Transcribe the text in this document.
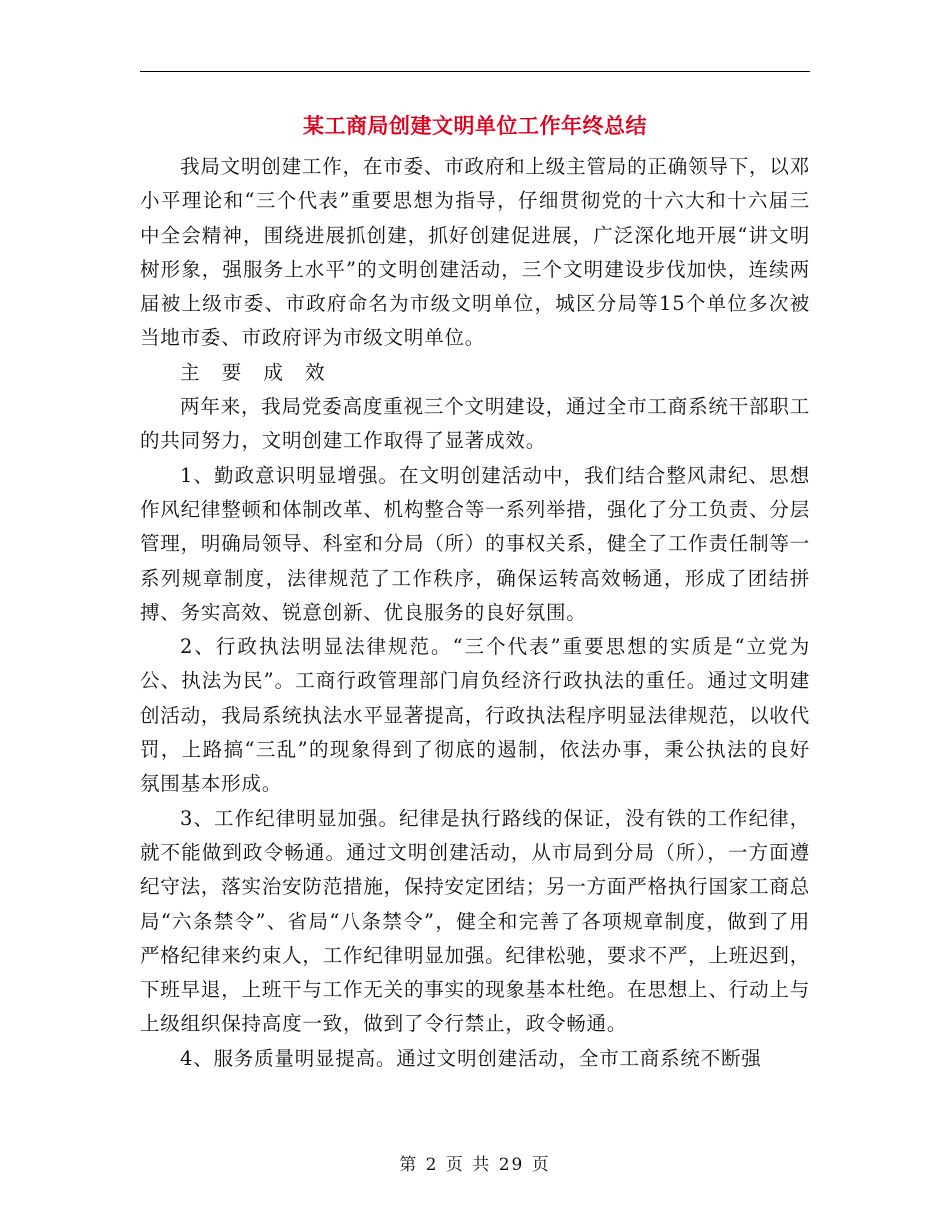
某工商局创建文明单位工作年终总结

我局文明创建工作，在市委、市政府和上级主管局的正确领导下，以邓小平理论和“三个代表”重要思想为指导，仔细贯彻党的十六大和十六届三中全会精神，围绕进展抓创建，抓好创建促进展，广泛深化地开展“讲文明树形象，强服务上水平”的文明创建活动，三个文明建设步伐加快，连续两届被上级市委、市政府命名为市级文明单位，城区分局等15个单位多次被当地市委、市政府评为市级文明单位。

主 要 成 效

两年来，我局党委高度重视三个文明建设，通过全市工商系统干部职工的共同努力，文明创建工作取得了显著成效。

1、勤政意识明显增强。在文明创建活动中，我们结合整风肃纪、思想作风纪律整顿和体制改革、机构整合等一系列举措，强化了分工负责、分层管理，明确局领导、科室和分局（所）的事权关系，健全了工作责任制等一系列规章制度，法律规范了工作秩序，确保运转高效畅通，形成了团结拼搏、务实高效、锐意创新、优良服务的良好氛围。

2、行政执法明显法律规范。“三个代表”重要思想的实质是“立党为公、执法为民”。工商行政管理部门肩负经济行政执法的重任。通过文明建创活动，我局系统执法水平显著提高，行政执法程序明显法律规范，以收代罚，上路搞“三乱”的现象得到了彻底的遏制，依法办事，秉公执法的良好氛围基本形成。

3、工作纪律明显加强。纪律是执行路线的保证，没有铁的工作纪律，就不能做到政令畅通。通过文明创建活动，从市局到分局（所），一方面遵纪守法，落实治安防范措施，保持安定团结；另一方面严格执行国家工商总局“六条禁令”、省局“八条禁令”，健全和完善了各项规章制度，做到了用严格纪律来约束人，工作纪律明显加强。纪律松驰，要求不严，上班迟到，下班早退，上班干与工作无关的事实的现象基本杜绝。在思想上、行动上与上级组织保持高度一致，做到了令行禁止，政令畅通。

4、服务质量明显提高。通过文明创建活动，全市工商系统不断强

第 2 页 共 29 页
